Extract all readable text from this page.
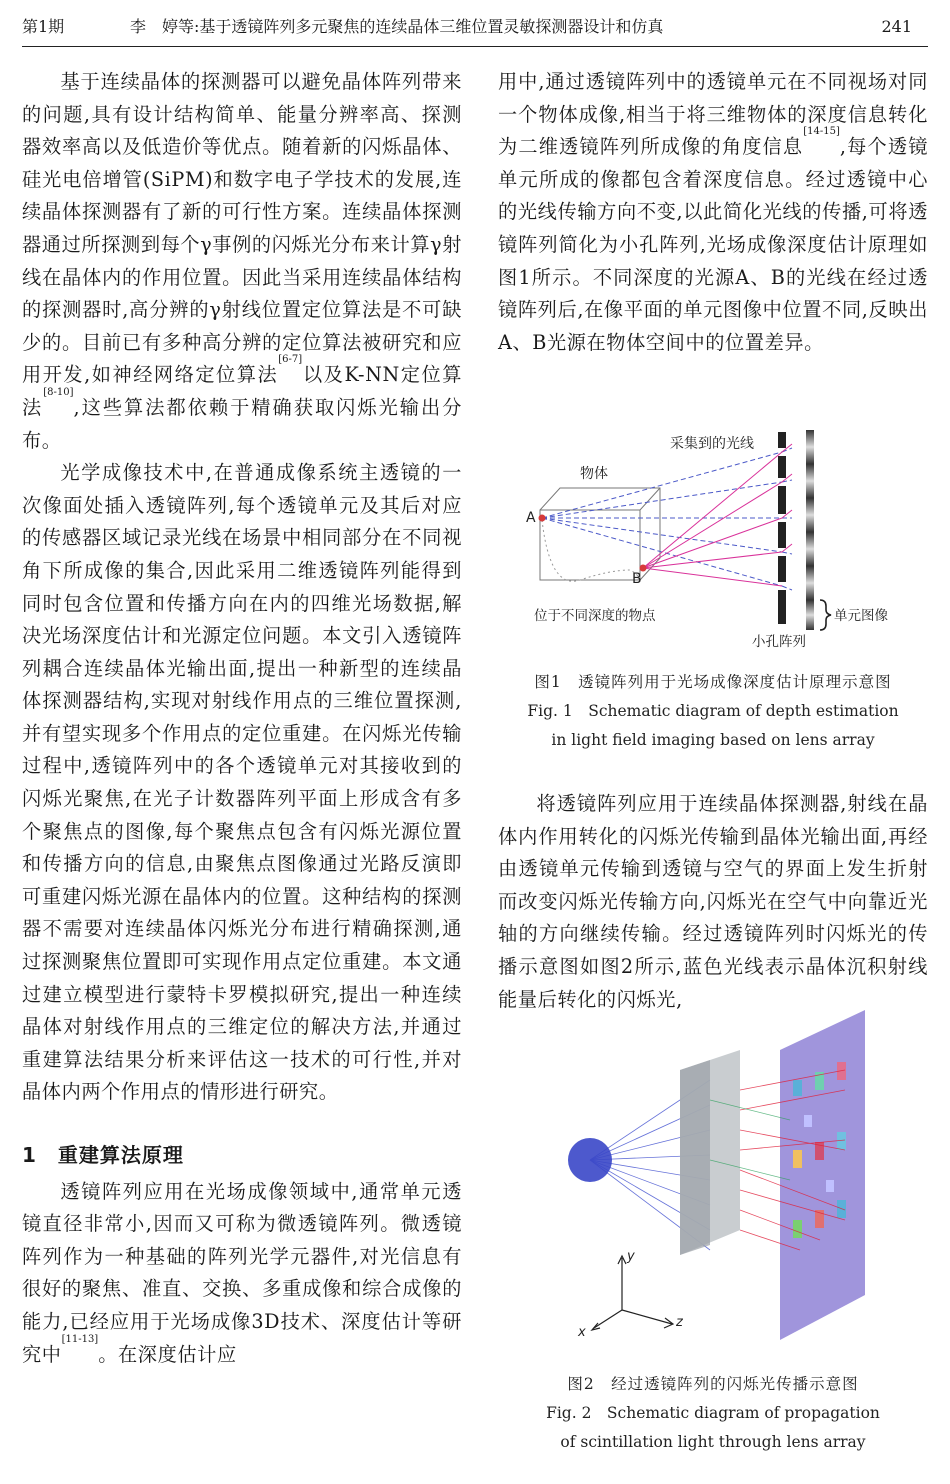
第1期	李　婷等:基于透镜阵列多元聚焦的连续晶体三维位置灵敏探测器设计和仿真	241

基于连续晶体的探测器可以避免晶体阵列带来的问题,具有设计结构简单、能量分辨率高、探测器效率高以及低造价等优点。随着新的闪烁晶体、硅光电倍增管(SiPM)和数字电子学技术的发展,连续晶体探测器有了新的可行性方案。连续晶体探测器通过所探测到每个γ事例的闪烁光分布来计算γ射线在晶体内的作用位置。因此当采用连续晶体结构的探测器时,高分辨的γ射线位置定位算法是不可缺少的。目前已有多种高分辨的定位算法被研究和应用开发,如神经网络定位算法[6-7]以及K-NN定位算法[8-10],这些算法都依赖于精确获取闪烁光输出分布。

光学成像技术中,在普通成像系统主透镜的一次像面处插入透镜阵列,每个透镜单元及其后对应的传感器区域记录光线在场景中相同部分在不同视角下所成像的集合,因此采用二维透镜阵列能得到同时包含位置和传播方向在内的四维光场数据,解决光场深度估计和光源定位问题。本文引入透镜阵列耦合连续晶体光输出面,提出一种新型的连续晶体探测器结构,实现对射线作用点的三维位置探测,并有望实现多个作用点的定位重建。在闪烁光传输过程中,透镜阵列中的各个透镜单元对其接收到的闪烁光聚焦,在光子计数器阵列平面上形成含有多个聚焦点的图像,每个聚焦点包含有闪烁光源位置和传播方向的信息,由聚焦点图像通过光路反演即可重建闪烁光源在晶体内的位置。这种结构的探测器不需要对连续晶体闪烁光分布进行精确探测,通过探测聚焦位置即可实现作用点定位重建。本文通过建立模型进行蒙特卡罗模拟研究,提出一种连续晶体对射线作用点的三维定位的解决方法,并通过重建算法结果分析来评估这一技术的可行性,并对晶体内两个作用点的情形进行研究。

1　重建算法原理

透镜阵列应用在光场成像领域中,通常单元透镜直径非常小,因而又可称为微透镜阵列。微透镜阵列作为一种基础的阵列光学元器件,对光信息有很好的聚焦、准直、交换、多重成像和综合成像的能力,已经应用于光场成像3D技术、深度估计等研究中[11-13]。在深度估计应

用中,通过透镜阵列中的透镜单元在不同视场对同一个物体成像,相当于将三维物体的深度信息转化为二维透镜阵列所成像的角度信息[14-15],每个透镜单元所成的像都包含着深度信息。经过透镜中心的光线传输方向不变,以此简化光线的传播,可将透镜阵列简化为小孔阵列,光场成像深度估计原理如图1所示。不同深度的光源A、B的光线在经过透镜阵列后,在像平面的单元图像中位置不同,反映出A、B光源在物体空间中的位置差异。

采集到的光线
物体
A
B
位于不同深度的物点	单元图像
小孔阵列
图1　透镜阵列用于光场成像深度估计原理示意图
Fig. 1　Schematic diagram of depth estimation
in light field imaging based on lens array

将透镜阵列应用于连续晶体探测器,射线在晶体内作用转化的闪烁光传输到晶体光输出面,再经由透镜单元传输到透镜与空气的界面上发生折射而改变闪烁光传输方向,闪烁光在空气中向靠近光轴的方向继续传输。经过透镜阵列时闪烁光的传播示意图如图2所示,蓝色光线表示晶体沉积射线能量后转化的闪烁光,

y
x
z
图2　经过透镜阵列的闪烁光传播示意图
Fig. 2　Schematic diagram of propagation
of scintillation light through lens array
